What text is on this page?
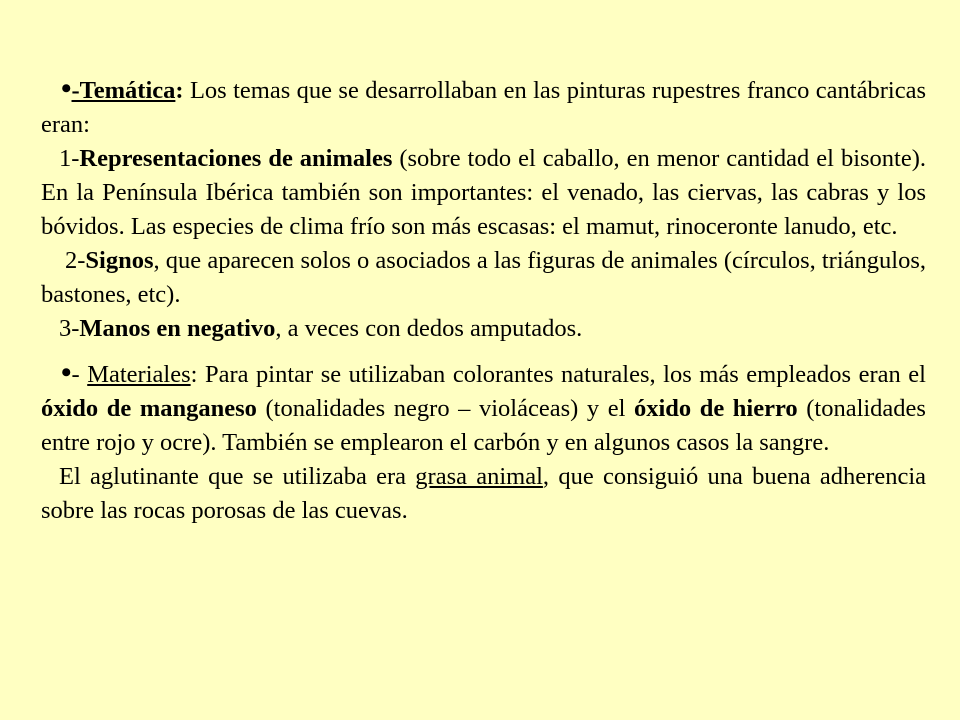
•-Temática: Los temas que se desarrollaban en las pinturas rupestres franco cantábricas eran:

1-Representaciones de animales (sobre todo el caballo, en menor cantidad el bisonte). En la Península Ibérica también son importantes: el venado, las ciervas, las cabras y los bóvidos. Las especies de clima frío son más escasas: el mamut, rinoceronte lanudo, etc.

2-Signos, que aparecen solos o asociados a las figuras de animales (círculos, triángulos, bastones, etc).

3-Manos en negativo, a veces con dedos amputados.

•- Materiales: Para pintar se utilizaban colorantes naturales, los más empleados eran el óxido de manganeso (tonalidades negro – violáceas) y el óxido de hierro (tonalidades entre rojo y ocre). También se emplearon el carbón y en algunos casos la sangre.

El aglutinante que se utilizaba era grasa animal, que consiguió una buena adherencia sobre las rocas porosas de las cuevas.
